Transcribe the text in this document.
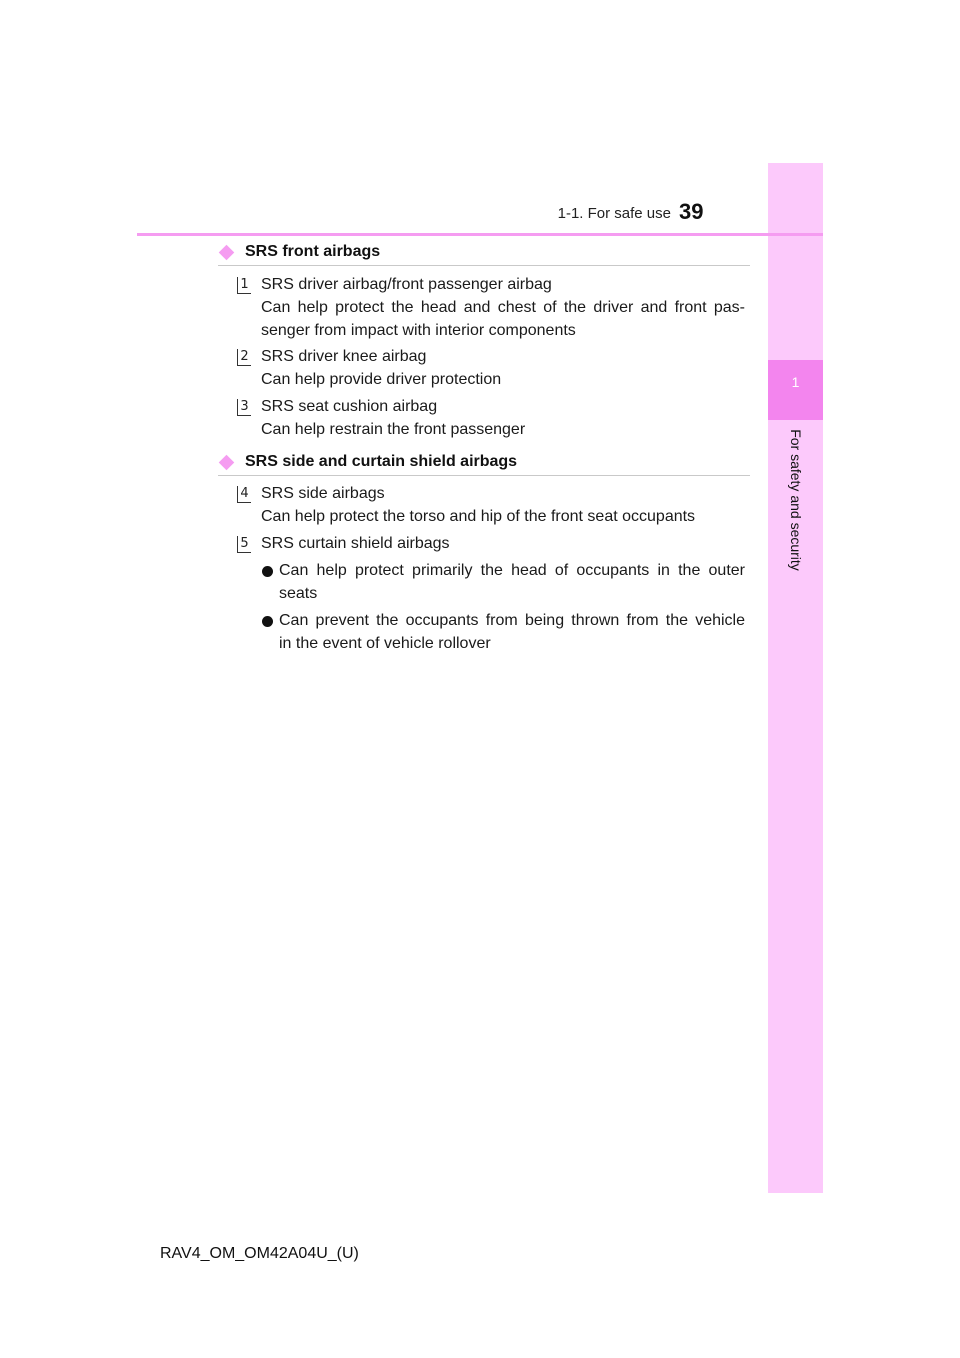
1
For safety and security
1-1. For safe use 39
SRS front airbags
1 SRS driver airbag/front passenger airbag
Can help protect the head and chest of the driver and front pas-
senger from impact with interior components
2 SRS driver knee airbag
Can help provide driver protection
3 SRS seat cushion airbag
Can help restrain the front passenger
SRS side and curtain shield airbags
4 SRS side airbags
Can help protect the torso and hip of the front seat occupants
5 SRS curtain shield airbags
Can help protect primarily the head of occupants in the outer
seats
Can prevent the occupants from being thrown from the vehicle
in the event of vehicle rollover
RAV4_OM_OM42A04U_(U)
